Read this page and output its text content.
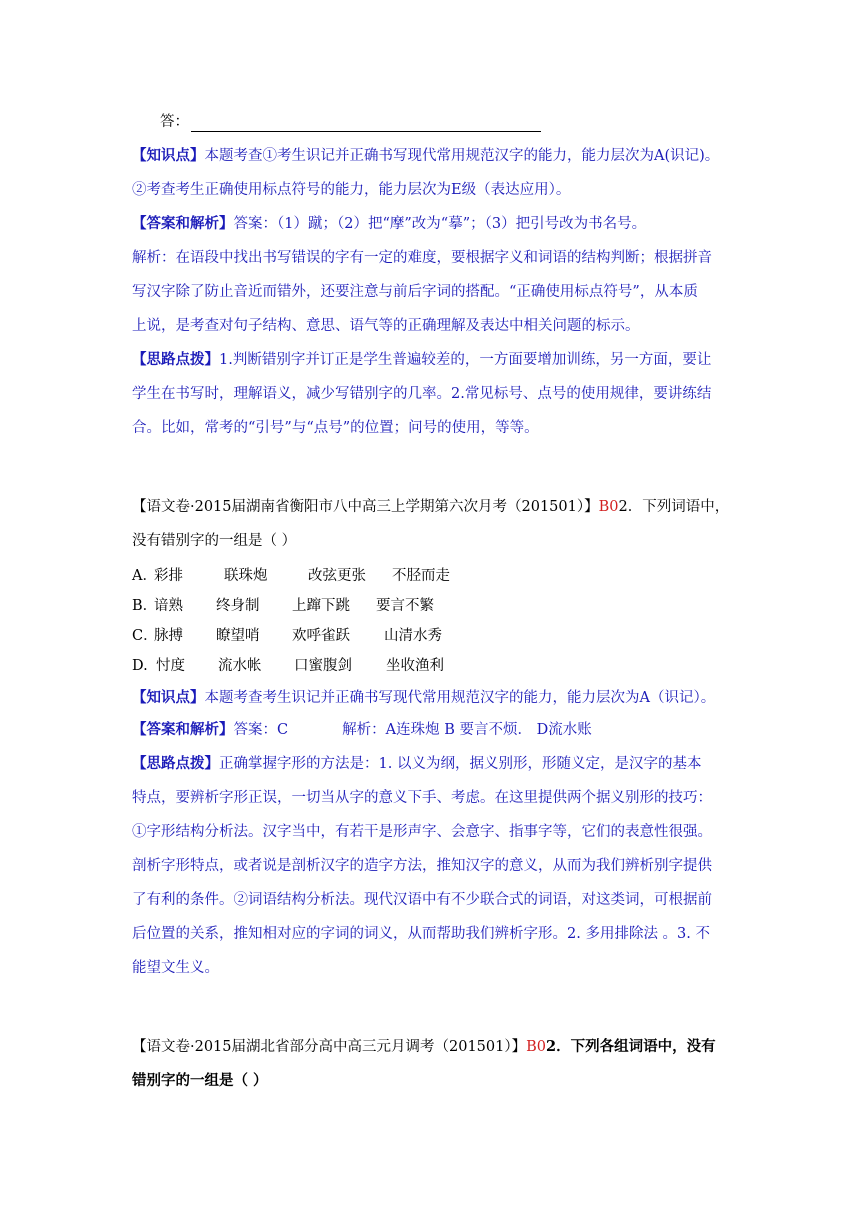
答：
【知识点】本题考查①考生识记并正确书写现代常用规范汉字的能力，能力层次为A(识记)。
②考查考生正确使用标点符号的能力，能力层次为E级（表达应用）。
【答案和解析】答案：（1）蹴；（2）把“摩”改为“摹”；（3）把引号改为书名号。
解析：在语段中找出书写错误的字有一定的难度，要根据字义和词语的结构判断；根据拼音
写汉字除了防止音近而错外，还要注意与前后字词的搭配。“正确使用标点符号”，从本质
上说，是考查对句子结构、意思、语气等的正确理解及表达中相关问题的标示。
【思路点拨】1.判断错别字并订正是学生普遍较差的，一方面要增加训练，另一方面，要让
学生在书写时，理解语义，减少写错别字的几率。2.常见标号、点号的使用规律，要讲练结
合。比如，常考的“引号”与“点号”的位置；问号的使用，等等。
【语文卷·2015届湖南省衡阳市八中高三上学期第六次月考（201501）】B02．下列词语中，
没有错别字的一组是（ ）
A．彩排	联珠炮	改弦更张 不胫而走
B．谙熟 终身制 上蹿下跳 要言不繁
C．脉搏 瞭望哨 欢呼雀跃 山清水秀
D.忖度 流水帐 口蜜腹剑 坐收渔利
【知识点】本题考查考生识记并正确书写现代常用规范汉字的能力，能力层次为A（识记）。
【答案和解析】答案：C	解析：A连珠炮 B 要言不烦． D流水账
【思路点拨】正确掌握字形的方法是：1. 以义为纲，据义别形，形随义定，是汉字的基本
特点，要辨析字形正误，一切当从字的意义下手、考虑。在这里提供两个据义别形的技巧：
①字形结构分析法。汉字当中，有若干是形声字、会意字、指事字等，它们的表意性很强。
剖析字形特点，或者说是剖析汉字的造字方法，推知汉字的意义，从而为我们辨析别字提供
了有利的条件。②词语结构分析法。现代汉语中有不少联合式的词语，对这类词，可根据前
后位置的关系，推知相对应的字词的词义，从而帮助我们辨析字形。2. 多用排除法 。3. 不
能望文生义。
【语文卷·2015届湖北省部分高中高三元月调考（201501）】B02．下列各组词语中，没有
错别字的一组是（ ）
